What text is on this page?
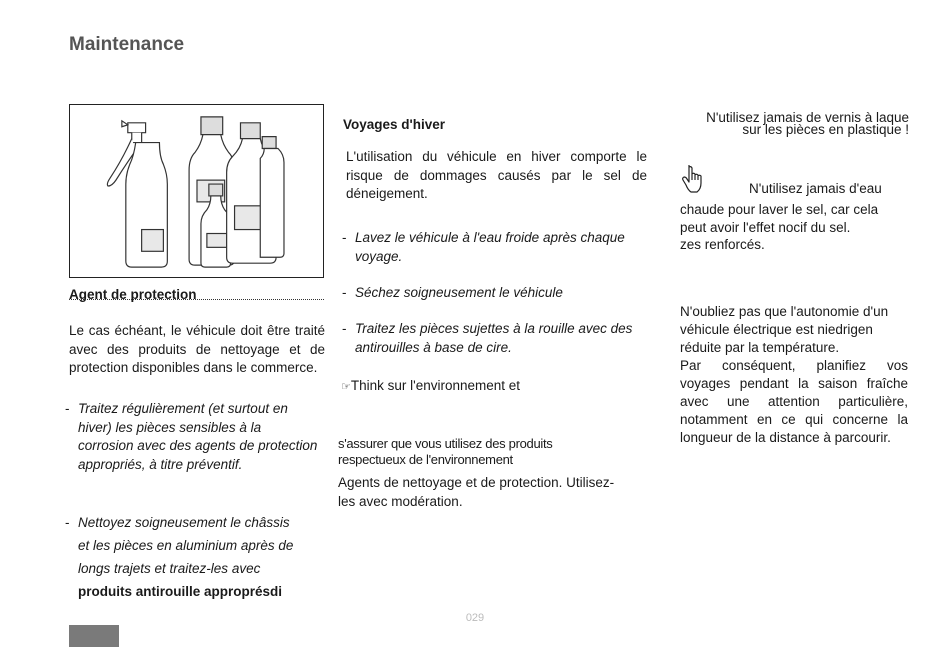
Maintenance
Agent de protection
Le cas échéant, le véhicule doit être traité avec des produits de nettoyage et de protection disponibles dans le commerce.
- Traitez régulièrement (et surtout en hiver) les pièces sensibles à la corrosion avec des agents de protection appropriés, à titre préventif.
- Nettoyez soigneusement le châssis
et les pièces en aluminium après de
longs trajets et traitez-les avec
produits antirouille approprésdi
Voyages d'hiver
L'utilisation du véhicule en hiver comporte le risque de dommages causés par le sel de déneigement.
- Lavez le véhicule à l'eau froide après chaque voyage.
- Séchez soigneusement le véhicule
- Traitez les pièces sujettes à la rouille avec des antirouilles à base de cire.
☞Think sur l'environnement et
s'assurer que vous utilisez des produits
respectueux de l'environnement
Agents de nettoyage et de protection. Utilisez-
les avec modération.
N'utilisez jamais de vernis à laque
sur les pièces en plastique !
N'utilisez jamais d'eau
chaude pour laver le sel, car cela peut avoir l'effet nocif du sel.
zes renforcés.
N'oubliez pas que l'autonomie d'un véhicule électrique est niedrigen réduite par la température.
Par conséquent, planifiez vos voyages pendant la saison fraîche avec une attention particulière, notamment en ce qui concerne la longueur de la distance à parcourir.
029
